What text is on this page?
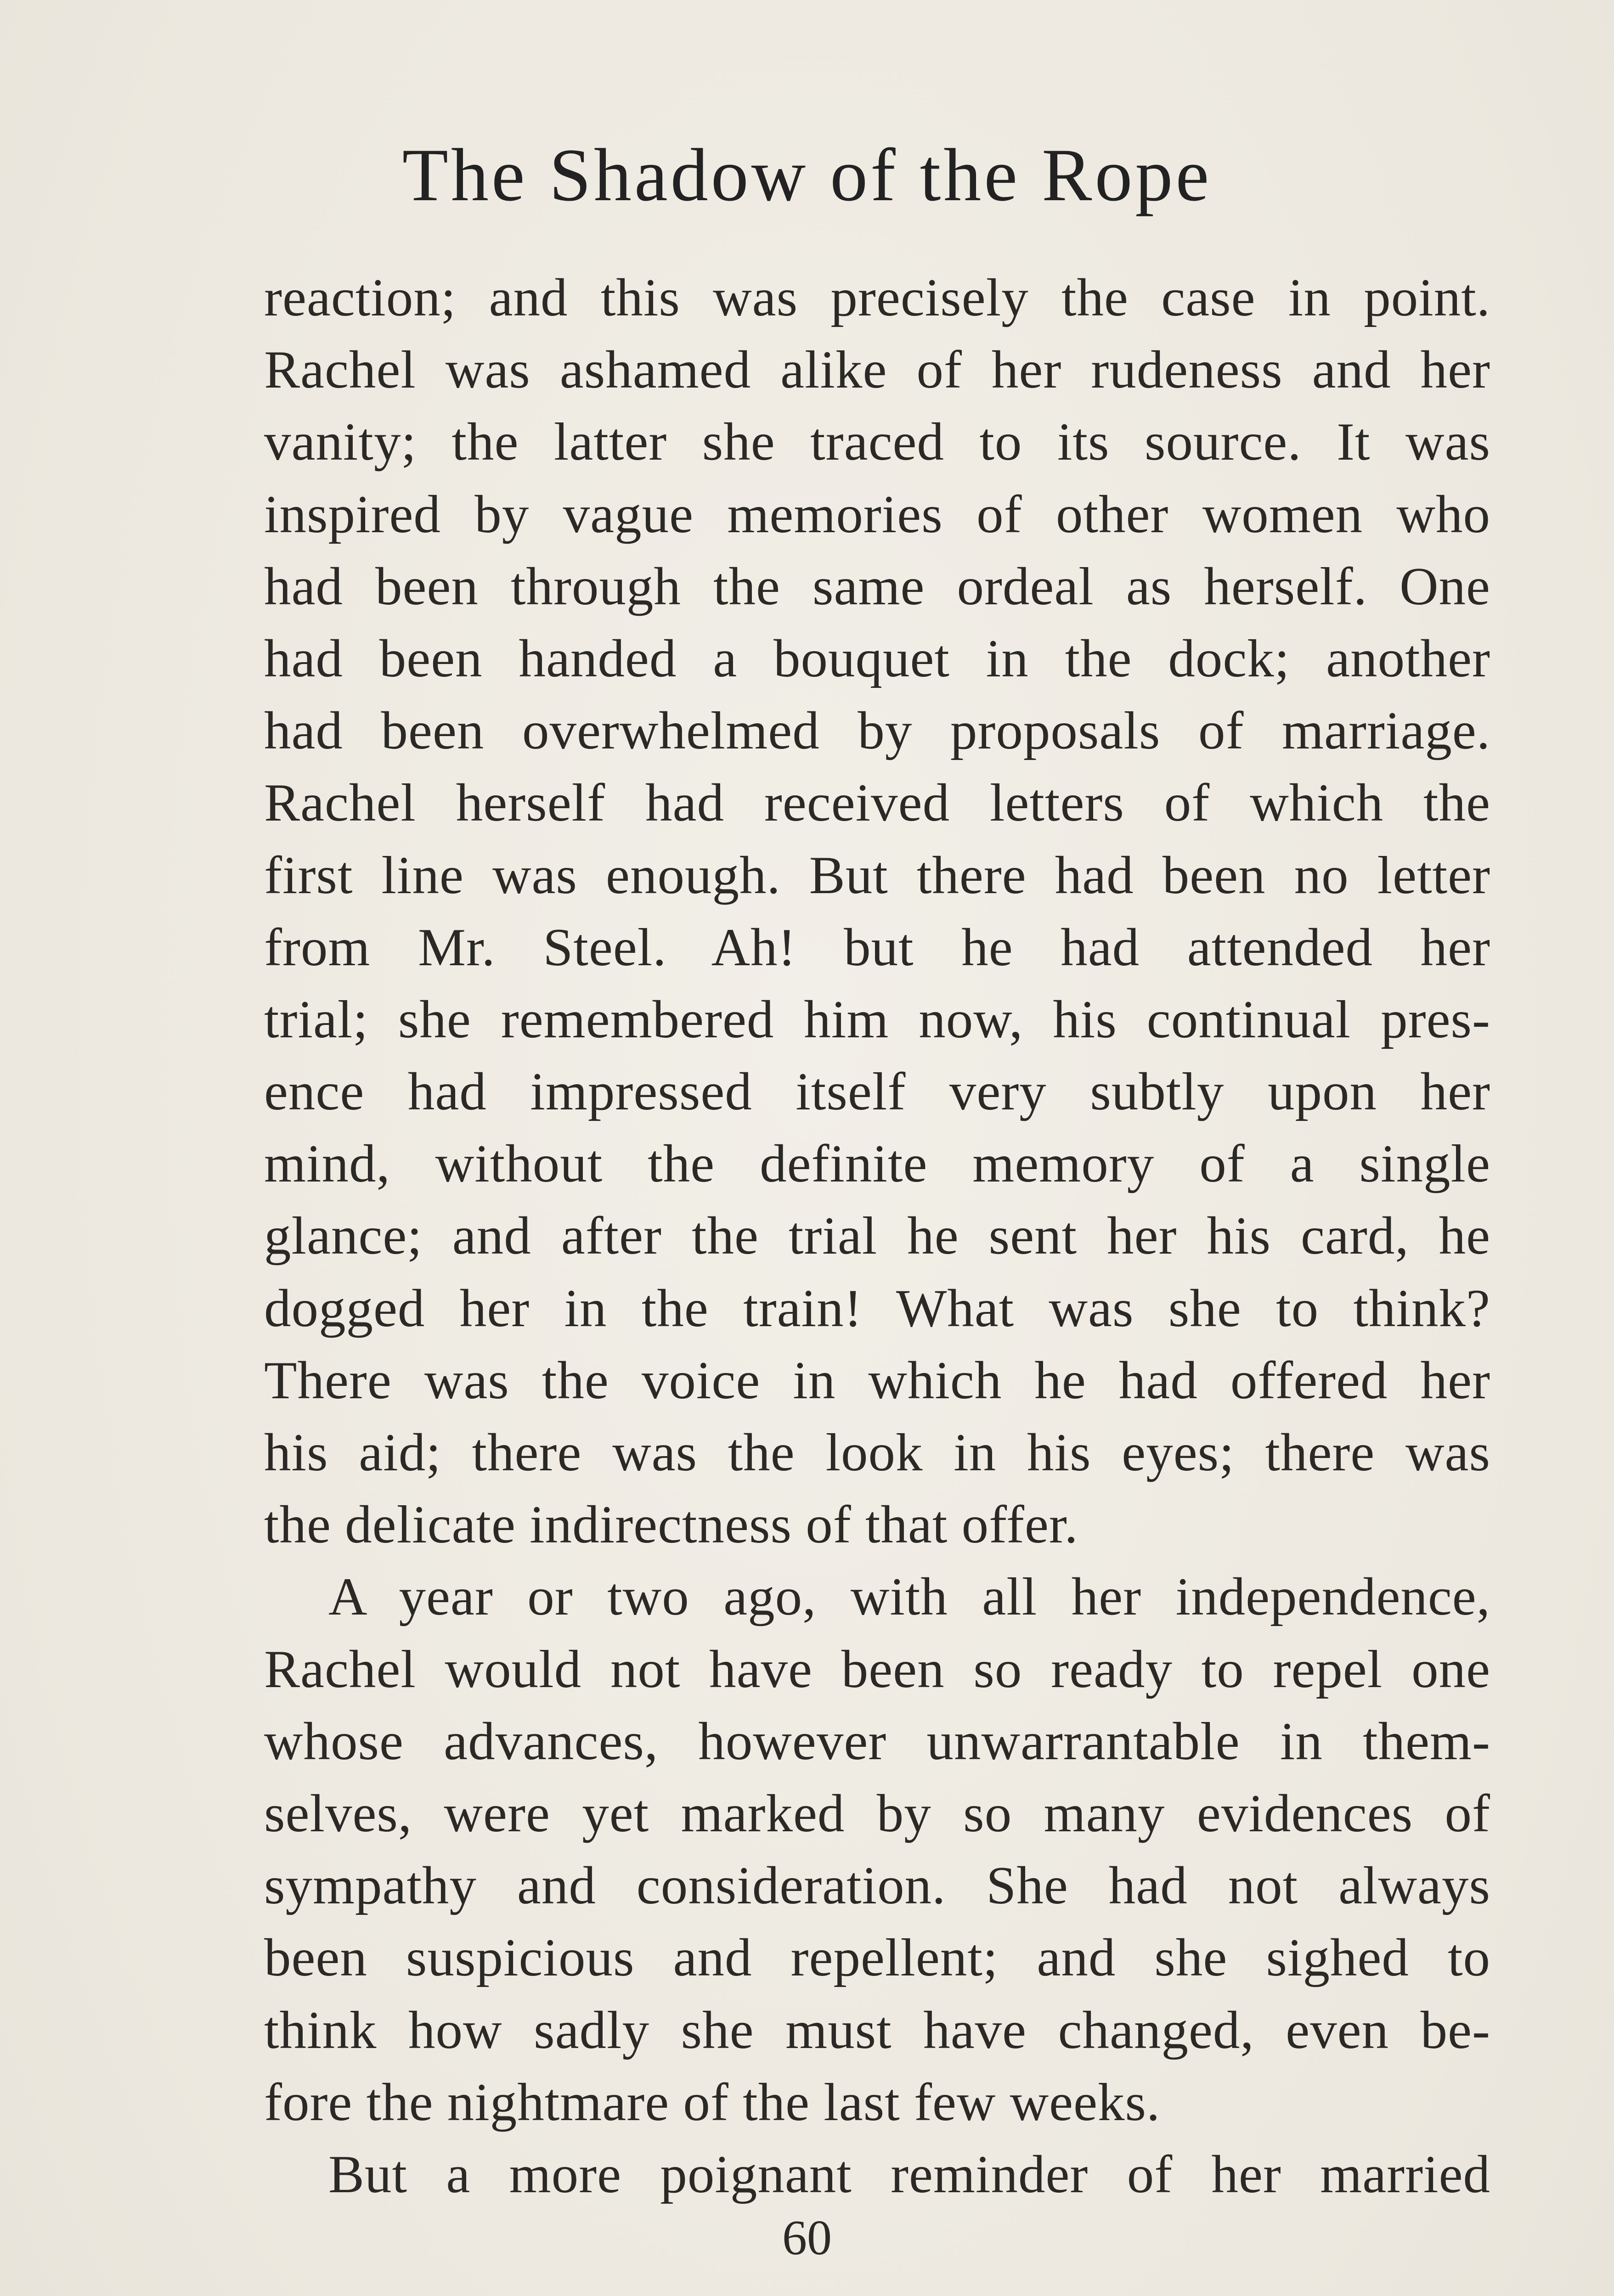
The Shadow of the Rope
reaction; and this was precisely the case in point.
Rachel was ashamed alike of her rudeness and her
vanity; the latter she traced to its source. It was
inspired by vague memories of other women who
had been through the same ordeal as herself. One
had been handed a bouquet in the dock; another
had been overwhelmed by proposals of marriage.
Rachel herself had received letters of which the
first line was enough. But there had been no letter
from Mr. Steel. Ah! but he had attended her
trial; she remembered him now, his continual pres-
ence had impressed itself very subtly upon her
mind, without the definite memory of a single
glance; and after the trial he sent her his card, he
dogged her in the train! What was she to think?
There was the voice in which he had offered her
his aid; there was the look in his eyes; there was
the delicate indirectness of that offer.
A year or two ago, with all her independence,
Rachel would not have been so ready to repel one
whose advances, however unwarrantable in them-
selves, were yet marked by so many evidences of
sympathy and consideration. She had not always
been suspicious and repellent; and she sighed to
think how sadly she must have changed, even be-
fore the nightmare of the last few weeks.
But a more poignant reminder of her married
60
